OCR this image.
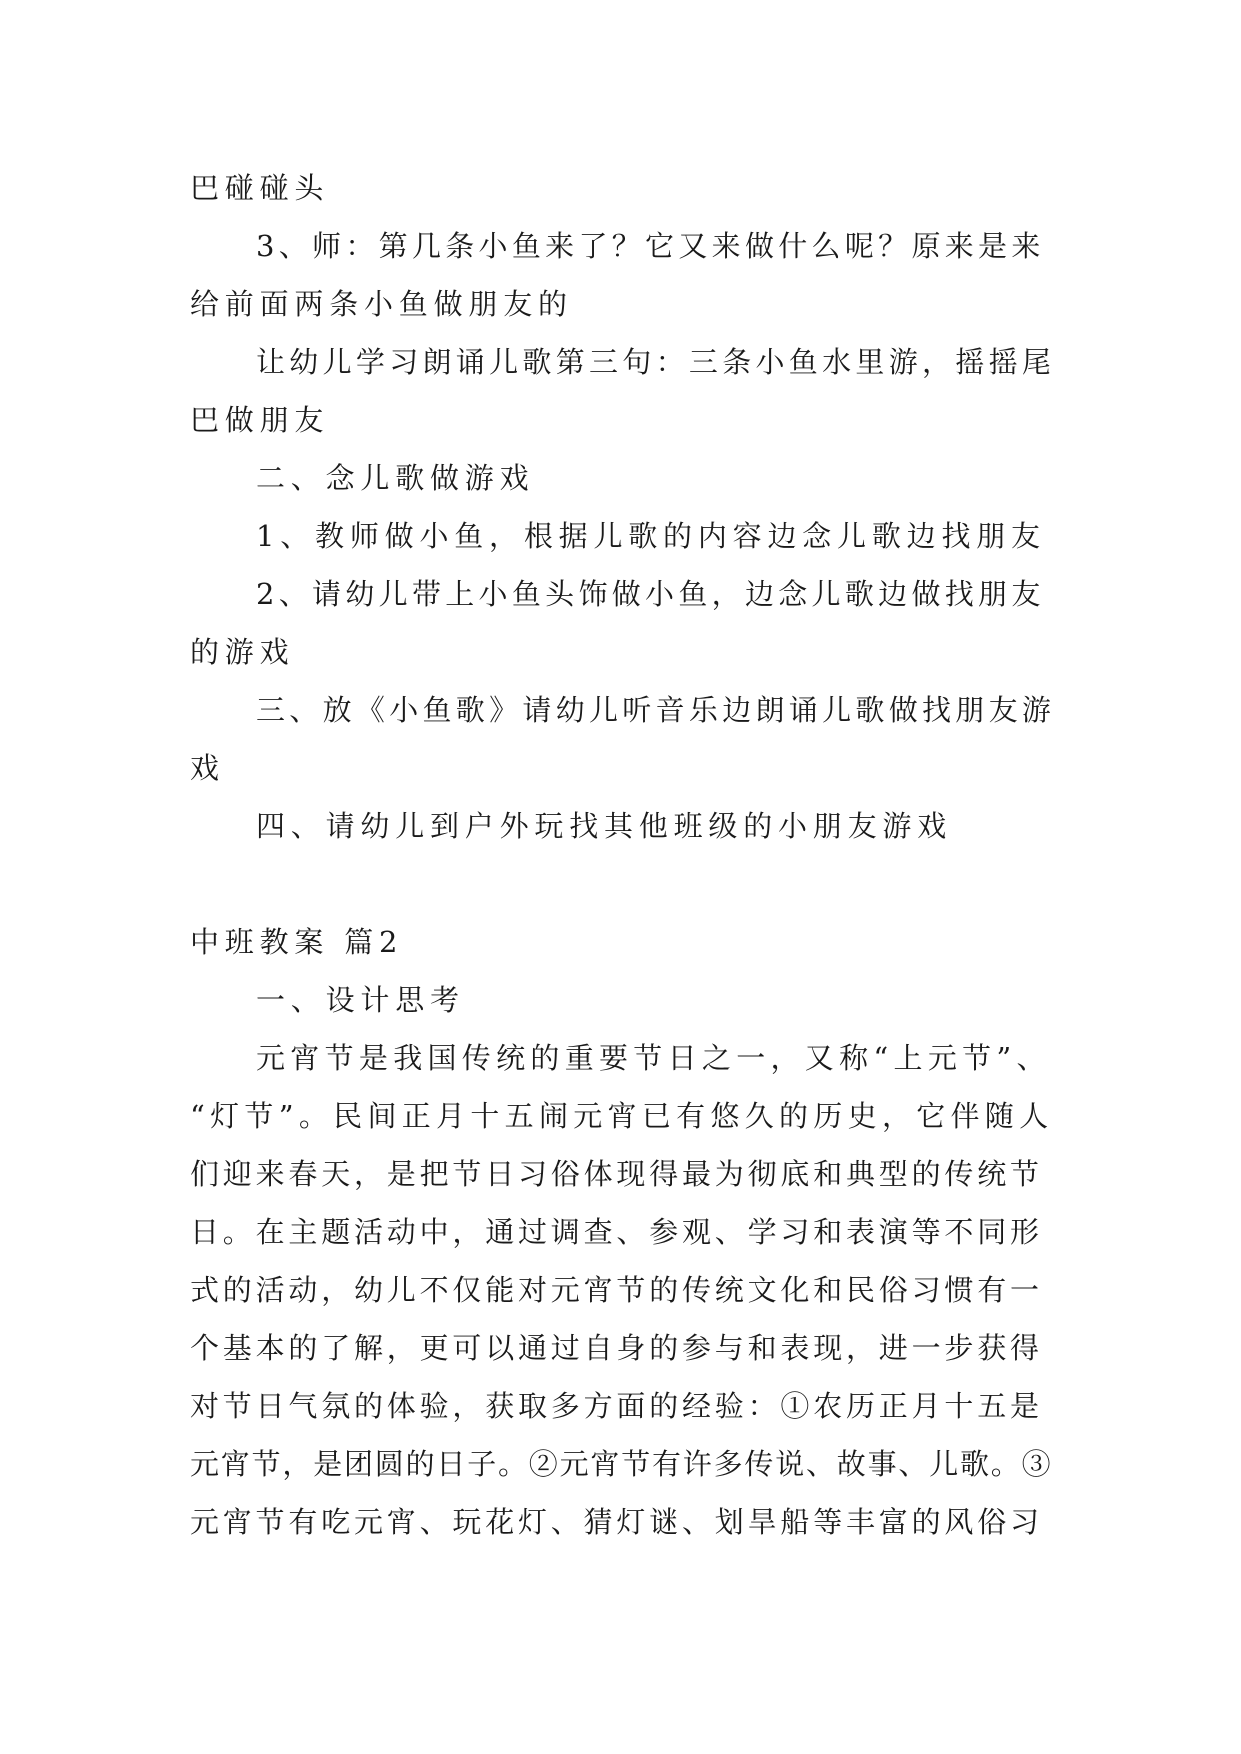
巴碰碰头
3、师：第几条小鱼来了？它又来做什么呢？原来是来
给前面两条小鱼做朋友的
让幼儿学习朗诵儿歌第三句：三条小鱼水里游，摇摇尾
巴做朋友
二、念儿歌做游戏
1、教师做小鱼，根据儿歌的内容边念儿歌边找朋友
2、请幼儿带上小鱼头饰做小鱼，边念儿歌边做找朋友
的游戏
三、放《小鱼歌》请幼儿听音乐边朗诵儿歌做找朋友游
戏
四、请幼儿到户外玩找其他班级的小朋友游戏
中班教案 篇2
一、设计思考
元宵节是我国传统的重要节日之一，又称“上元节”、
“灯节”。民间正月十五闹元宵已有悠久的历史，它伴随人
们迎来春天，是把节日习俗体现得最为彻底和典型的传统节
日。在主题活动中，通过调查、参观、学习和表演等不同形
式的活动，幼儿不仅能对元宵节的传统文化和民俗习惯有一
个基本的了解，更可以通过自身的参与和表现，进一步获得
对节日气氛的体验，获取多方面的经验：①农历正月十五是
元宵节，是团圆的日子。②元宵节有许多传说、故事、儿歌。③
元宵节有吃元宵、玩花灯、猜灯谜、划旱船等丰富的风俗习
